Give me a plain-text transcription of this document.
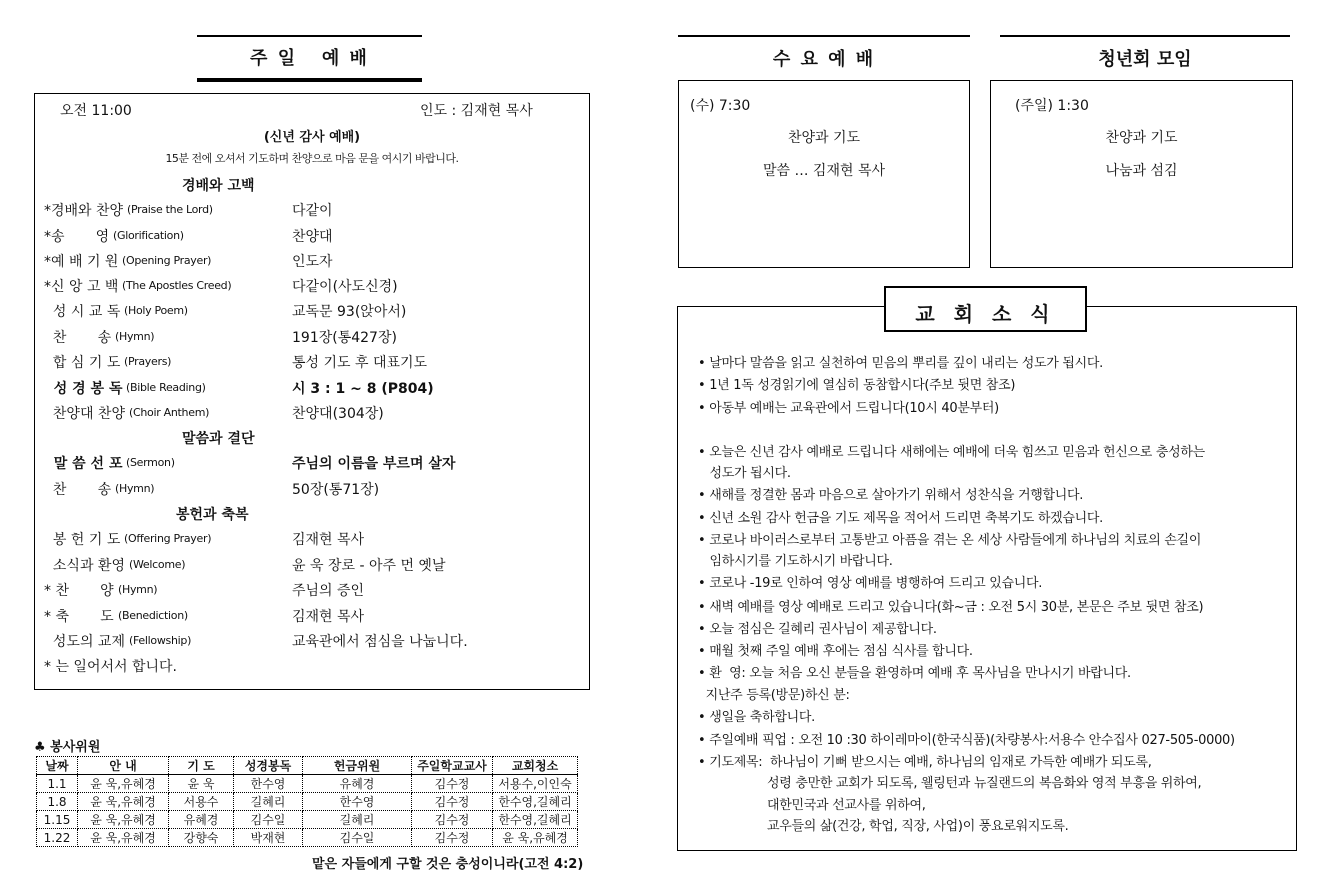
주 일   예 배
오전 11:00	인도 : 김재현 목사
(신년 감사 예배)
15분 전에 오셔서 기도하며 찬양으로 마음 문을 여시기 바랍니다.
경배와 고백
*경배와 찬양 (Praise the Lord)	다같이
*송       영 (Glorification)	찬양대
*예 배 기 원 (Opening Prayer)	인도자
*신 앙 고 백 (The Apostles Creed)	다같이(사도신경)
성 시 교 독 (Holy Poem)	교독문 93(앉아서)
찬       송 (Hymn)	191장(통427장)
합 심 기 도 (Prayers)	통성 기도 후 대표기도
성 경 봉 독 (Bible Reading)	시 3 : 1 ~ 8 (P804)
찬양대 찬양 (Choir Anthem)	찬양대(304장)
말 씀 선 포 (Sermon)	주님의 이름을 부르며 살자
찬       송 (Hymn)	50장(통71장)
봉 헌 기 도 (Offering Prayer)	김재현 목사
소식과 환영 (Welcome)	윤 욱 장로 - 아주 먼 옛날
* 찬       양 (Hymn)	주님의 증인
* 축       도 (Benediction)	김재현 목사
성도의 교제 (Fellowship)	교육관에서 점심을 나눕니다.
말씀과 결단
봉헌과 축복
* 는 일어서서 합니다.
♣ 봉사위원
날짜	안 내	기 도	성경봉독	헌금위원	주일학교교사	교회청소
1.1	윤 욱,유혜경	윤 욱	한수영	유혜경	김수정	서용수,이인숙
1.8	윤 욱,유혜경	서용수	길혜리	한수영	김수정	한수영,길혜리
1.15	윤 욱,유혜경	유혜경	김수일	길혜리	김수정	한수영,길혜리
1.22	윤 욱,유혜경	강향숙	박재현	김수일	김수정	윤 욱,유혜경
맡은 자들에게 구할 것은 충성이니라(고전 4:2)
수 요 예 배
(수) 7:30
찬양과 기도
말씀 … 김재현 목사
청년회 모임
(주일) 1:30
찬양과 기도
나눔과 섬김
교 회 소 식
• 날마다 말씀을 읽고 실천하여 믿음의 뿌리를 깊이 내리는 성도가 됩시다.
• 1년 1독 성경읽기에 열심히 동참합시다(주보 뒷면 참조)
• 아동부 예배는 교육관에서 드립니다(10시 40분부터)
• 오늘은 신년 감사 예배로 드립니다 새해에는 예배에 더욱 힘쓰고 믿음과 헌신으로 충성하는
성도가 됩시다.
• 새해를 정결한 몸과 마음으로 살아가기 위해서 성찬식을 거행합니다.
• 신년 소원 감사 헌금을 기도 제목을 적어서 드리면 축복기도 하겠습니다.
• 코로나 바이러스로부터 고통받고 아픔을 겪는 온 세상 사람들에게 하나님의 치료의 손길이
임하시기를 기도하시기 바랍니다.
• 코로나 -19로 인하여 영상 예배를 병행하여 드리고 있습니다.
• 새벽 예배를 영상 예배로 드리고 있습니다(화~금 : 오전 5시 30분, 본문은 주보 뒷면 참조)
• 오늘 점심은 길혜리 권사님이 제공합니다.
• 매월 첫째 주일 예배 후에는 점심 식사를 합니다.
• 환  영: 오늘 처음 오신 분들을 환영하며 예배 후 목사님을 만나시기 바랍니다.
지난주 등록(방문)하신 분:
• 생일을 축하합니다.
• 주일예배 픽업 : 오전 10 :30 하이레마이(한국식품)(차량봉사:서용수 안수집사 027-505-0000)
• 기도제목:  하나님이 기뻐 받으시는 예배, 하나님의 임재로 가득한 예배가 되도록,
성령 충만한 교회가 되도록, 웰링턴과 뉴질랜드의 복음화와 영적 부흥을 위하여,
대한민국과 선교사를 위하여,
교우들의 삶(건강, 학업, 직장, 사업)이 풍요로워지도록.
